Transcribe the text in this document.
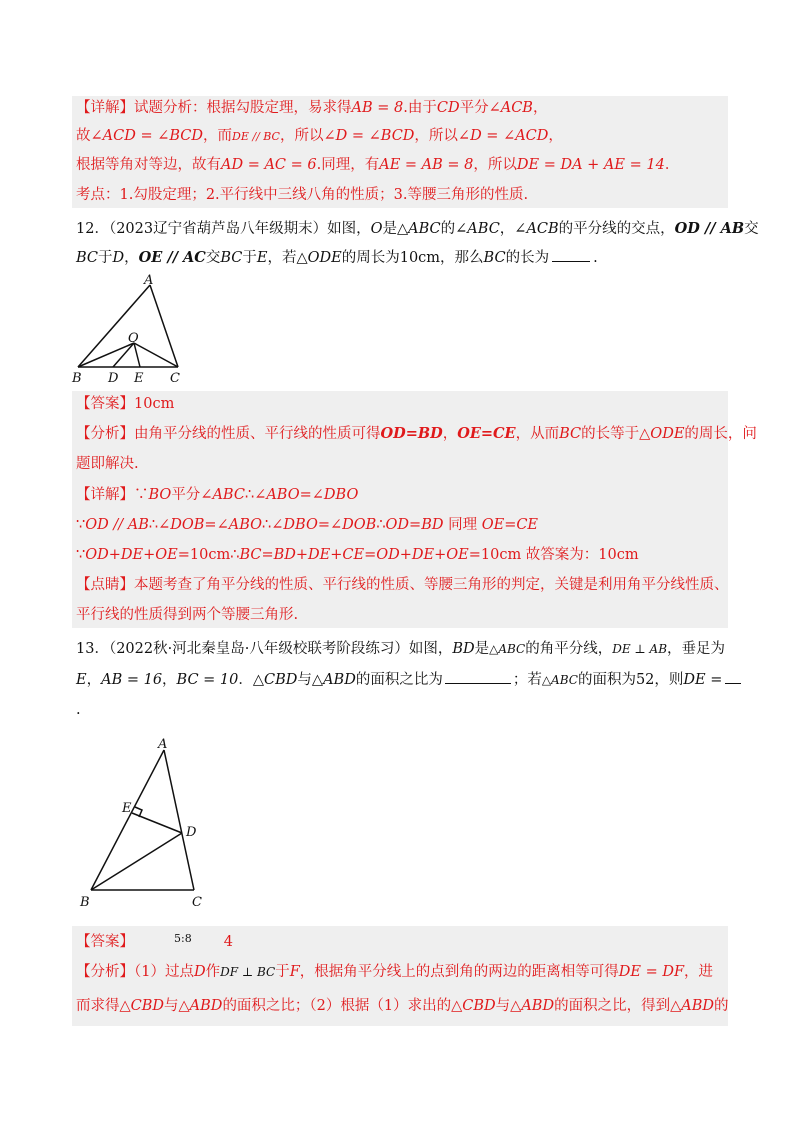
【详解】试题分析：根据勾股定理，易求得AB = 8.由于CD平分∠ACB，
故∠ACD = ∠BCD，而DE // BC，所以∠D = ∠BCD，所以∠D = ∠ACD，
根据等角对等边，故有AD = AC = 6.同理，有AE = AB = 8，所以DE = DA + AE = 14．
考点：1.勾股定理；2.平行线中三线八角的性质；3.等腰三角形的性质.
12．（2023辽宁省葫芦岛八年级期末）如图，O是△ABC的∠ABC，∠ACB的平分线的交点，OD // AB交
BC于D，OE // AC交BC于E，若△ODE的周长为10cm，那么BC的长为	.
A
O
B D E C
【答案】10cm
【分析】由角平分线的性质、平行线的性质可得OD=BD，OE=CE，从而BC的长等于△ODE的周长，问
题即解决.
【详解】∵BO平分∠ABC∴∠ABO=∠DBO
∵OD // AB∴∠DOB=∠ABO∴∠DBO=∠DOB∴OD=BD 同理 OE=CE
∵OD+DE+OE=10cm∴BC=BD+DE+CE=OD+DE+OE=10cm 故答案为：10cm
【点睛】本题考查了角平分线的性质、平行线的性质、等腰三角形的判定，关键是利用角平分线性质、
平行线的性质得到两个等腰三角形.
13．（2022秋·河北秦皇岛·八年级校联考阶段练习）如图，BD是△ABC的角平分线，DE ⊥ AB，垂足为
E，AB = 16，BC = 10．△CBD与△ABD的面积之比为	；若△ABC的面积为52，则DE =
.
A
E
D
B	C
【答案】	$^{5:8}$ 4
【分析】（1）过点D作DF ⊥ BC于F，根据角平分线上的点到角的两边的距离相等可得DE = DF，进
而求得△CBD与△ABD的面积之比；（2）根据（1）求出的△CBD与△ABD的面积之比，得到△ABD的
